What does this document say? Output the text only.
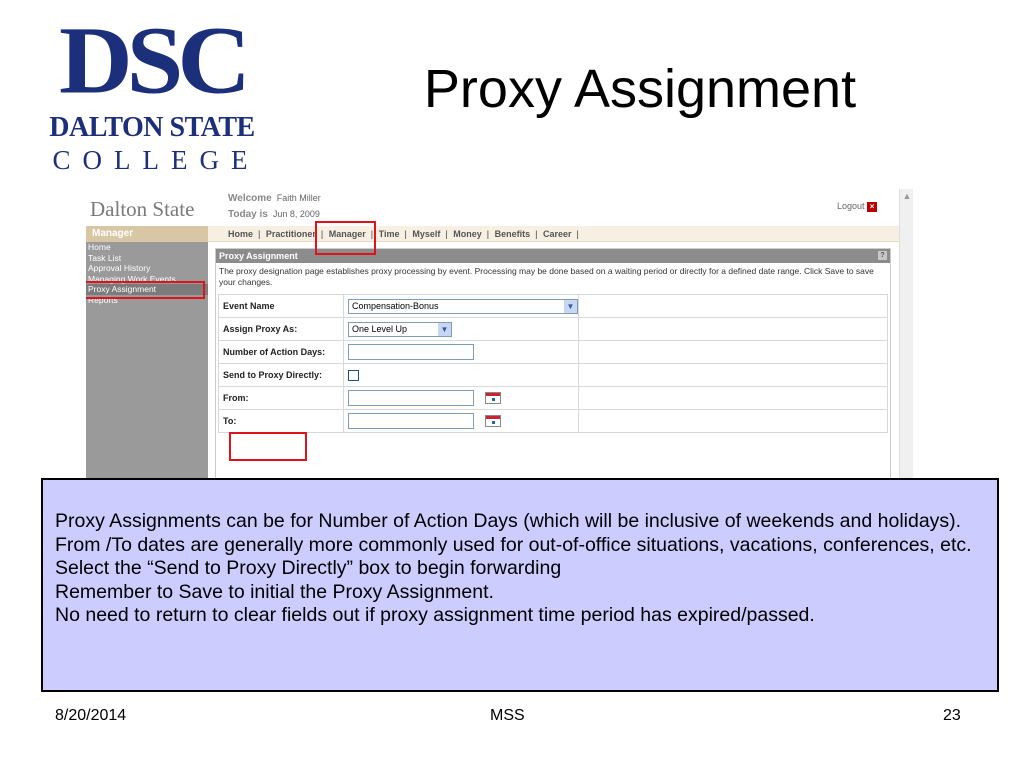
DSC
DALTON STATE
COLLEGE
Proxy Assignment
Dalton State	Welcome Faith Miller
Today is Jun 8, 2009
Logout ×
▲
Manager	Home | Practitioner | Manager | Time | Myself | Money | Benefits | Career |
Home
Task List
Approval History
Managing Work Events
Proxy Assignment
Reports
Proxy Assignment	?
The proxy designation page establishes proxy processing by event. Processing may be done based on a waiting period or directly for a defined date range. Click Save to save your changes.
Event Name	Compensation-Bonus ▼	

Assign Proxy As:	One Level Up ▼	

Number of Action Days:		
Send to Proxy Directly:		
From:		
To:		

Proxy Assignments can be for Number of Action Days (which will be inclusive of weekends and holidays).

From /To dates are generally more commonly used for out-of-office situations, vacations, conferences, etc.

Select the “Send to Proxy Directly” box to begin forwarding

Remember to Save to initial the Proxy Assignment.

No need to return to clear fields out if proxy assignment time period has expired/passed.

8/20/2014	MSS	23
